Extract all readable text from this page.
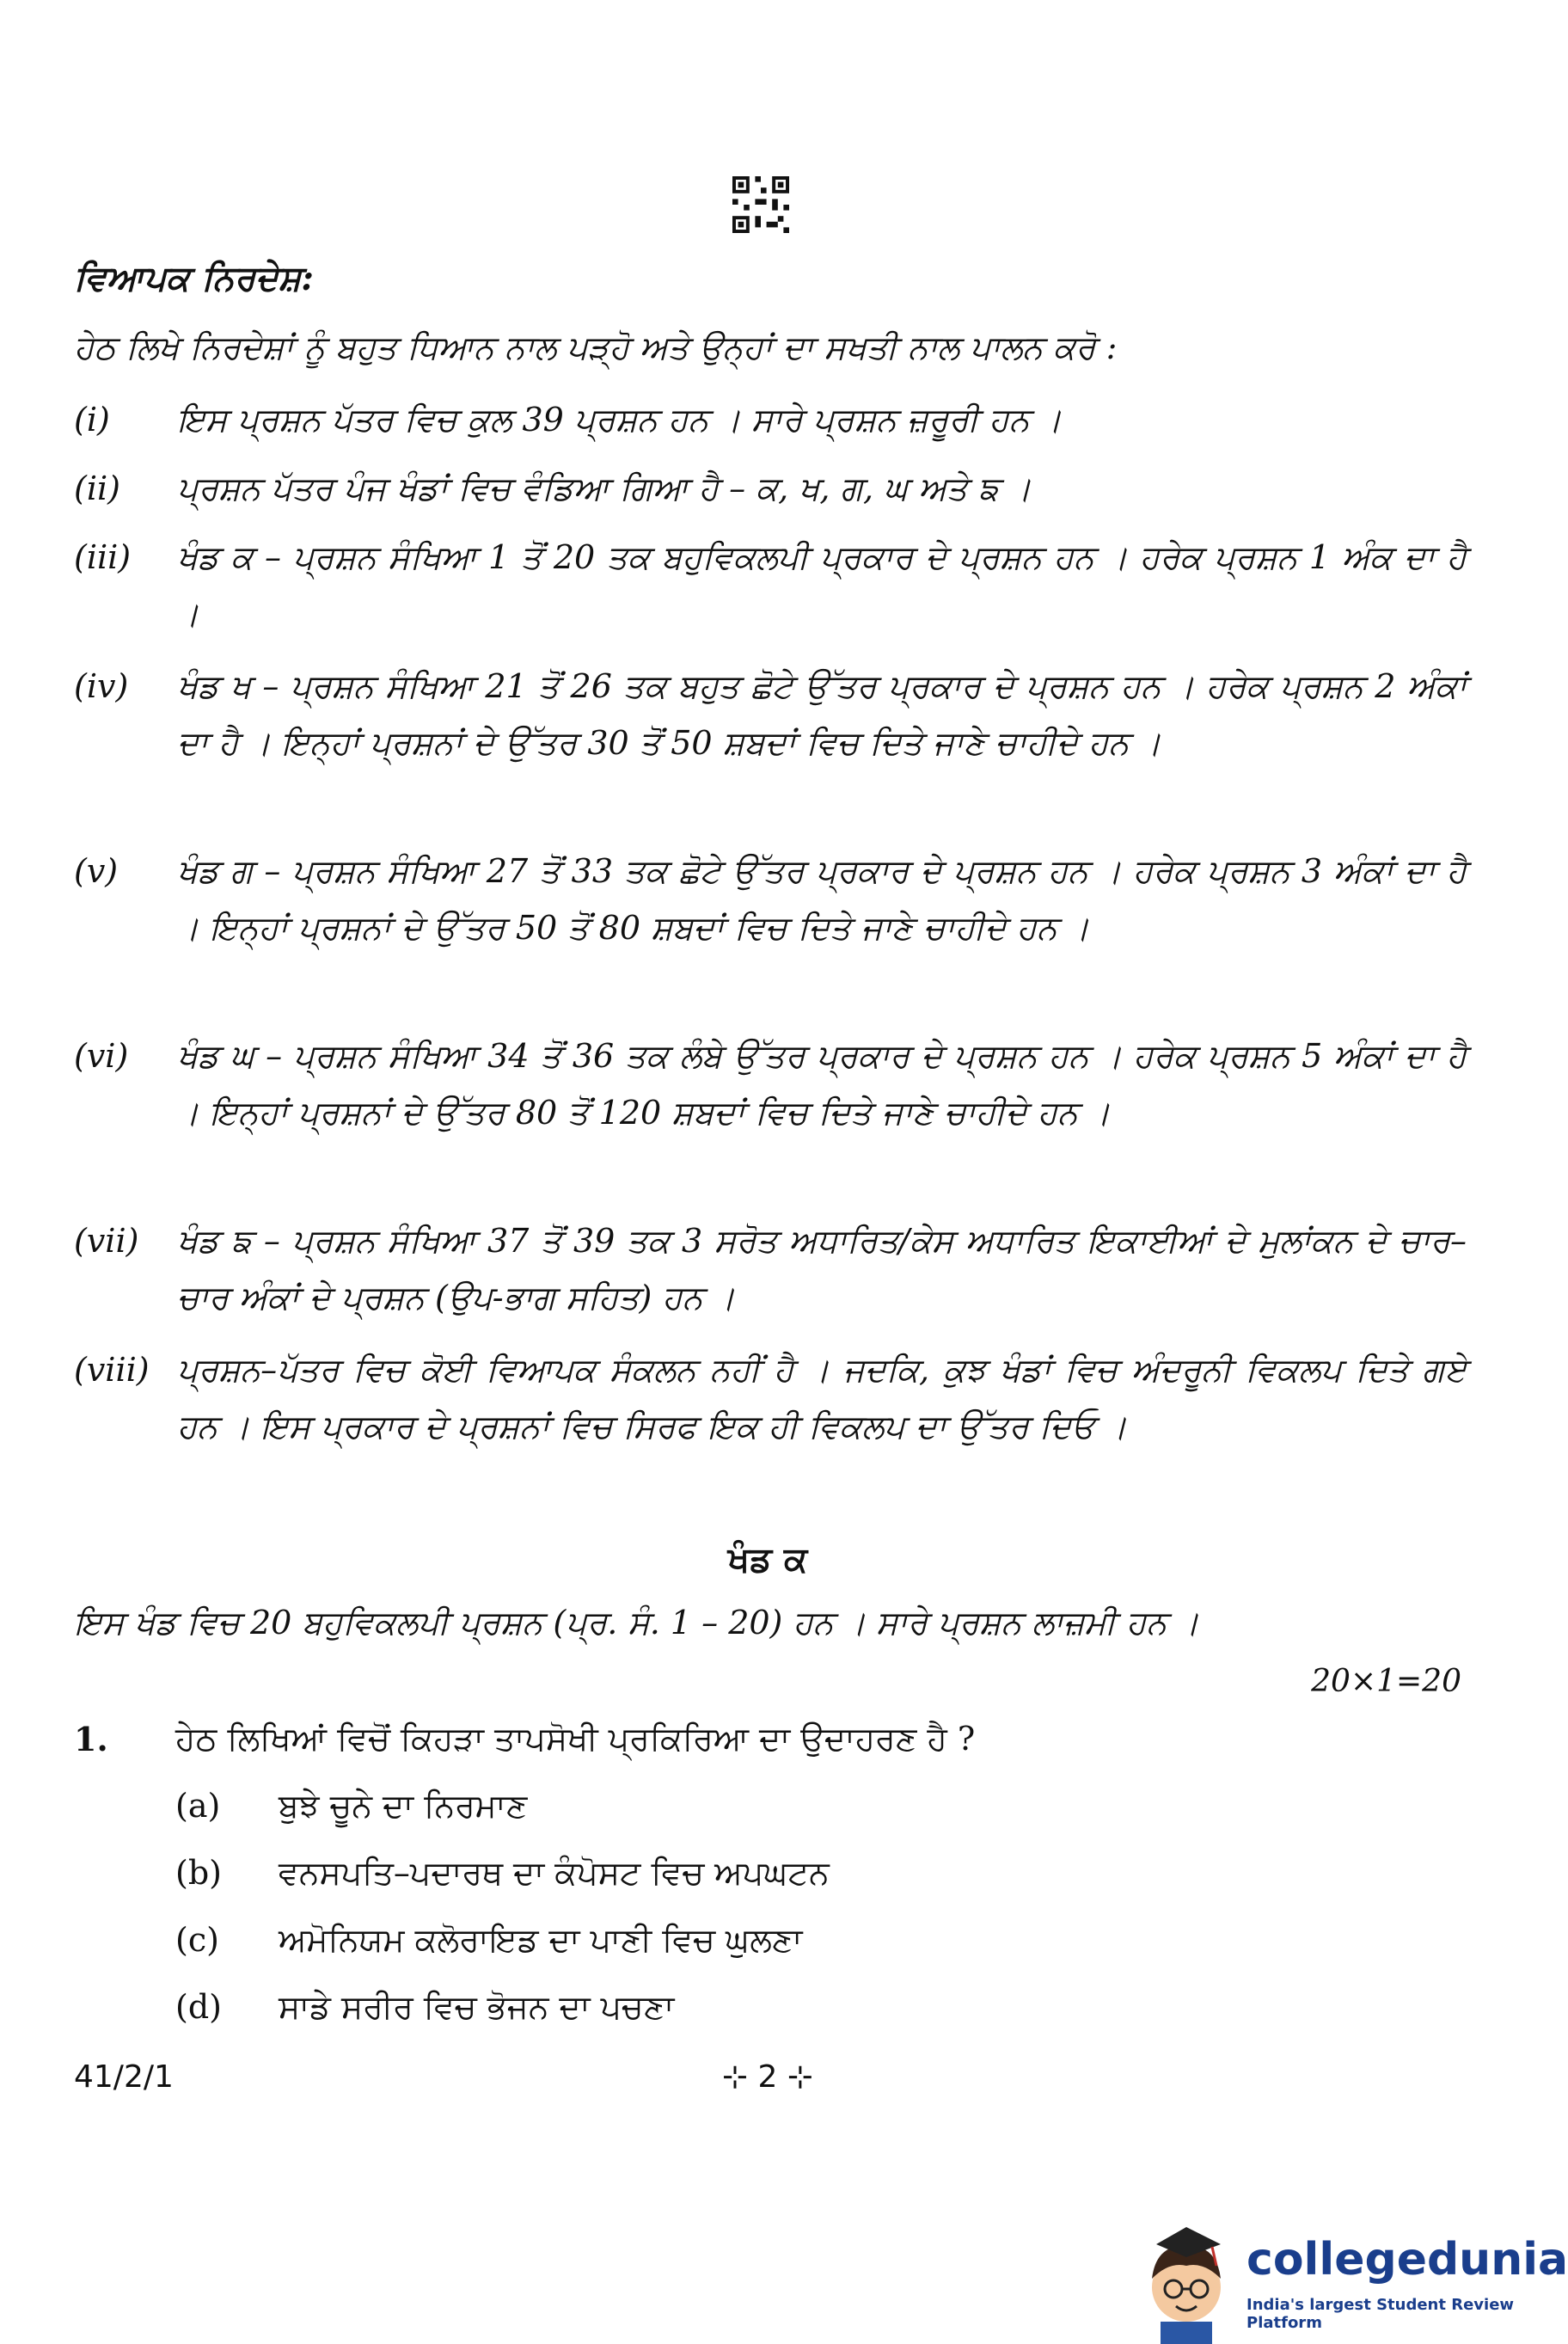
ਵਿਆਪਕ ਨਿਰਦੇਸ਼:
ਹੇਠ ਲਿਖੇ ਨਿਰਦੇਸ਼ਾਂ ਨੂੰ ਬਹੁਤ ਧਿਆਨ ਨਾਲ ਪੜ੍ਹੋ ਅਤੇ ਉਨ੍ਹਾਂ ਦਾ ਸਖਤੀ ਨਾਲ ਪਾਲਨ ਕਰੋ :
(i) ਇਸ ਪ੍ਰਸ਼ਨ ਪੱਤਰ ਵਿਚ ਕੁਲ 39 ਪ੍ਰਸ਼ਨ ਹਨ । ਸਾਰੇ ਪ੍ਰਸ਼ਨ ਜ਼ਰੂਰੀ ਹਨ ।
(ii) ਪ੍ਰਸ਼ਨ ਪੱਤਰ ਪੰਜ ਖੰਡਾਂ ਵਿਚ ਵੰਡਿਆ ਗਿਆ ਹੈ – ਕ, ਖ, ਗ, ਘ ਅਤੇ ਙ ।
(iii) ਖੰਡ ਕ – ਪ੍ਰਸ਼ਨ ਸੰਖਿਆ 1 ਤੋਂ 20 ਤਕ ਬਹੁਵਿਕਲਪੀ ਪ੍ਰਕਾਰ ਦੇ ਪ੍ਰਸ਼ਨ ਹਨ । ਹਰੇਕ ਪ੍ਰਸ਼ਨ 1 ਅੰਕ ਦਾ ਹੈ ।
(iv) ਖੰਡ ਖ – ਪ੍ਰਸ਼ਨ ਸੰਖਿਆ 21 ਤੋਂ 26 ਤਕ ਬਹੁਤ ਛੋਟੇ ਉੱਤਰ ਪ੍ਰਕਾਰ ਦੇ ਪ੍ਰਸ਼ਨ ਹਨ । ਹਰੇਕ ਪ੍ਰਸ਼ਨ 2 ਅੰਕਾਂ ਦਾ ਹੈ । ਇਨ੍ਹਾਂ ਪ੍ਰਸ਼ਨਾਂ ਦੇ ਉੱਤਰ 30 ਤੋਂ 50 ਸ਼ਬਦਾਂ ਵਿਚ ਦਿਤੇ ਜਾਣੇ ਚਾਹੀਦੇ ਹਨ ।
(v) ਖੰਡ ਗ – ਪ੍ਰਸ਼ਨ ਸੰਖਿਆ 27 ਤੋਂ 33 ਤਕ ਛੋਟੇ ਉੱਤਰ ਪ੍ਰਕਾਰ ਦੇ ਪ੍ਰਸ਼ਨ ਹਨ । ਹਰੇਕ ਪ੍ਰਸ਼ਨ 3 ਅੰਕਾਂ ਦਾ ਹੈ । ਇਨ੍ਹਾਂ ਪ੍ਰਸ਼ਨਾਂ ਦੇ ਉੱਤਰ 50 ਤੋਂ 80 ਸ਼ਬਦਾਂ ਵਿਚ ਦਿਤੇ ਜਾਣੇ ਚਾਹੀਦੇ ਹਨ ।
(vi) ਖੰਡ ਘ – ਪ੍ਰਸ਼ਨ ਸੰਖਿਆ 34 ਤੋਂ 36 ਤਕ ਲੰਬੇ ਉੱਤਰ ਪ੍ਰਕਾਰ ਦੇ ਪ੍ਰਸ਼ਨ ਹਨ । ਹਰੇਕ ਪ੍ਰਸ਼ਨ 5 ਅੰਕਾਂ ਦਾ ਹੈ । ਇਨ੍ਹਾਂ ਪ੍ਰਸ਼ਨਾਂ ਦੇ ਉੱਤਰ 80 ਤੋਂ 120 ਸ਼ਬਦਾਂ ਵਿਚ ਦਿਤੇ ਜਾਣੇ ਚਾਹੀਦੇ ਹਨ ।
(vii) ਖੰਡ ਙ – ਪ੍ਰਸ਼ਨ ਸੰਖਿਆ 37 ਤੋਂ 39 ਤਕ 3 ਸਰੋਤ ਅਧਾਰਿਤ/ਕੇਸ ਅਧਾਰਿਤ ਇਕਾਈਆਂ ਦੇ ਮੁਲਾਂਕਨ ਦੇ ਚਾਰ–ਚਾਰ ਅੰਕਾਂ ਦੇ ਪ੍ਰਸ਼ਨ (ਉਪ-ਭਾਗ ਸਹਿਤ) ਹਨ ।
(viii) ਪ੍ਰਸ਼ਨ–ਪੱਤਰ ਵਿਚ ਕੋਈ ਵਿਆਪਕ ਸੰਕਲਨ ਨਹੀਂ ਹੈ । ਜਦਕਿ, ਕੁਝ ਖੰਡਾਂ ਵਿਚ ਅੰਦਰੂਨੀ ਵਿਕਲਪ ਦਿਤੇ ਗਏ ਹਨ । ਇਸ ਪ੍ਰਕਾਰ ਦੇ ਪ੍ਰਸ਼ਨਾਂ ਵਿਚ ਸਿਰਫ ਇਕ ਹੀ ਵਿਕਲਪ ਦਾ ਉੱਤਰ ਦਿਓ ।
ਖੰਡ ਕ
ਇਸ ਖੰਡ ਵਿਚ 20 ਬਹੁਵਿਕਲਪੀ ਪ੍ਰਸ਼ਨ (ਪ੍ਰ. ਸੰ. 1 – 20) ਹਨ । ਸਾਰੇ ਪ੍ਰਸ਼ਨ ਲਾਜ਼ਮੀ ਹਨ ।
20×1=20
1. ਹੇਠ ਲਿਖਿਆਂ ਵਿਚੋਂ ਕਿਹੜਾ ਤਾਪਸੋਖੀ ਪ੍ਰਕਿਰਿਆ ਦਾ ਉਦਾਹਰਣ ਹੈ ?
(a) ਬੁਝੇ ਚੂਨੇ ਦਾ ਨਿਰਮਾਣ
(b) ਵਨਸਪਤਿ–ਪਦਾਰਥ ਦਾ ਕੰਪੋਸਟ ਵਿਚ ਅਪਘਟਨ
(c) ਅਮੋਨਿਯਮ ਕਲੋਰਾਇਡ ਦਾ ਪਾਣੀ ਵਿਚ ਘੁਲਣਾ
(d) ਸਾਡੇ ਸਰੀਰ ਵਿਚ ਭੋਜਨ ਦਾ ਪਚਣਾ
41/2/1	⊹ 2 ⊹
collegedunia
India's largest Student Review Platform
